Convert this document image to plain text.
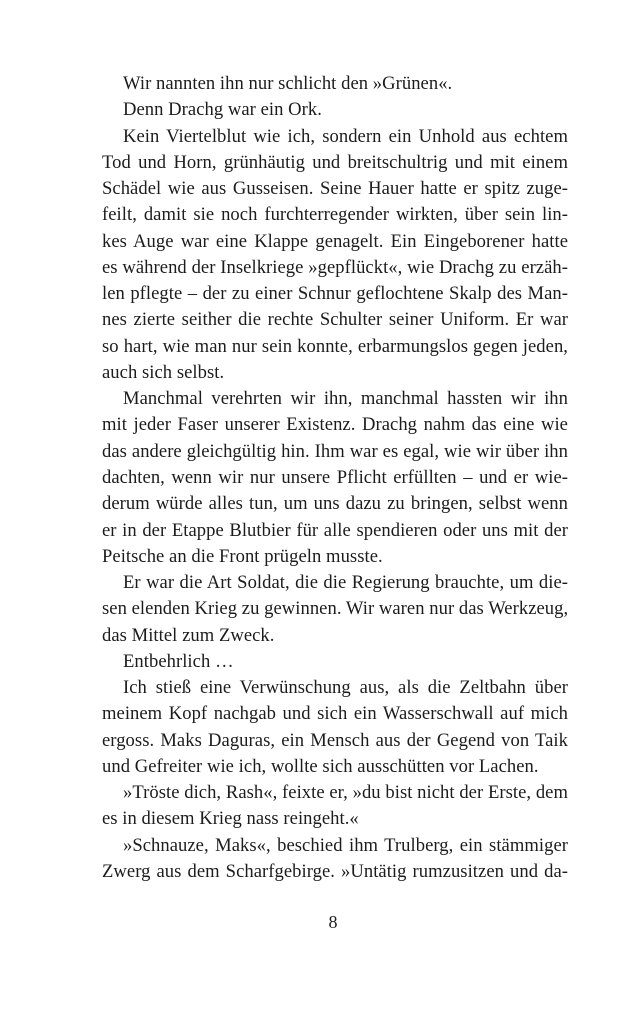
Wir nannten ihn nur schlicht den »Grünen«.
Denn Drachg war ein Ork.
Kein Viertelblut wie ich, sondern ein Unhold aus echtem
Tod und Horn, grünhäutig und breitschultrig und mit einem
Schädel wie aus Gusseisen. Seine Hauer hatte er spitz zuge-
feilt, damit sie noch furchterregender wirkten, über sein lin-
kes Auge war eine Klappe genagelt. Ein Eingeborener hatte
es während der Inselkriege »gepflückt«, wie Drachg zu erzäh-
len pflegte – der zu einer Schnur geflochtene Skalp des Man-
nes zierte seither die rechte Schulter seiner Uniform. Er war
so hart, wie man nur sein konnte, erbarmungslos gegen jeden,
auch sich selbst.
Manchmal verehrten wir ihn, manchmal hassten wir ihn
mit jeder Faser unserer Existenz. Drachg nahm das eine wie
das andere gleichgültig hin. Ihm war es egal, wie wir über ihn
dachten, wenn wir nur unsere Pflicht erfüllten – und er wie-
derum würde alles tun, um uns dazu zu bringen, selbst wenn
er in der Etappe Blutbier für alle spendieren oder uns mit der
Peitsche an die Front prügeln musste.
Er war die Art Soldat, die die Regierung brauchte, um die-
sen elenden Krieg zu gewinnen. Wir waren nur das Werkzeug,
das Mittel zum Zweck.
Entbehrlich …
Ich stieß eine Verwünschung aus, als die Zeltbahn über
meinem Kopf nachgab und sich ein Wasserschwall auf mich
ergoss. Maks Daguras, ein Mensch aus der Gegend von Taik
und Gefreiter wie ich, wollte sich ausschütten vor Lachen.
»Tröste dich, Rash«, feixte er, »du bist nicht der Erste, dem
es in diesem Krieg nass reingeht.«
»Schnauze, Maks«, beschied ihm Trulberg, ein stämmiger
Zwerg aus dem Scharfgebirge. »Untätig rumzusitzen und da-
8
